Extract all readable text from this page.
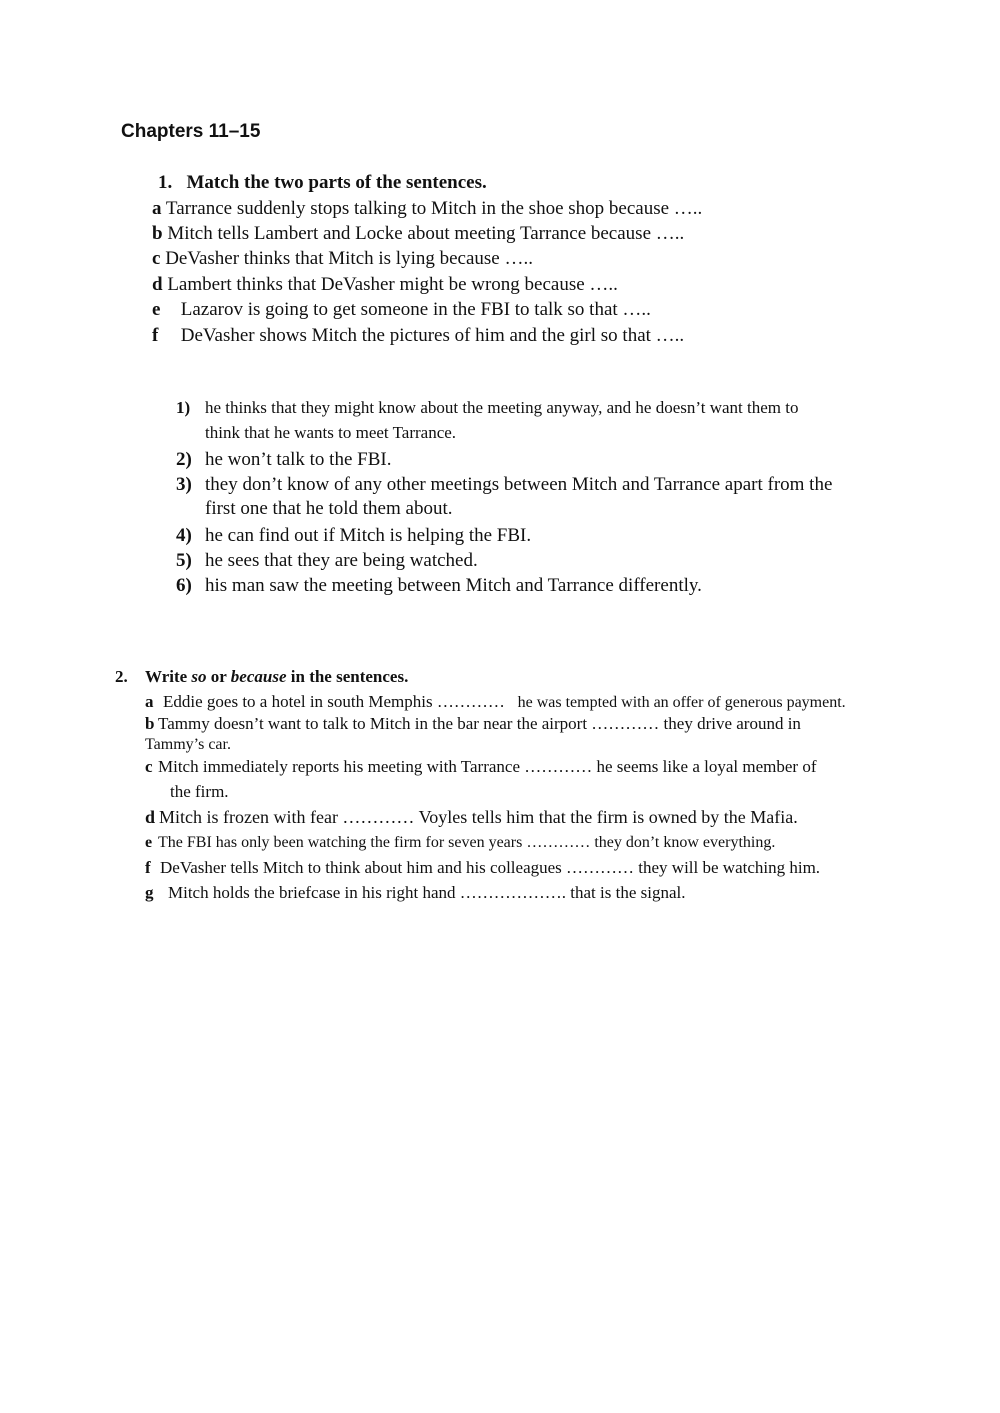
Chapters 11–15
1. Match the two parts of the sentences.
a Tarrance suddenly stops talking to Mitch in the shoe shop because …..
b Mitch tells Lambert and Locke about meeting Tarrance because …..
c DeVasher thinks that Mitch is lying because …..
d Lambert thinks that DeVasher might be wrong because …..
e Lazarov is going to get someone in the FBI to talk so that …..
f DeVasher shows Mitch the pictures of him and the girl so that …..
1) he thinks that they might know about the meeting anyway, and he doesn’t want them to
think that he wants to meet Tarrance.
2) he won’t talk to the FBI.
3) they don’t know of any other meetings between Mitch and Tarrance apart from the
first one that he told them about.
4) he can find out if Mitch is helping the FBI.
5) he sees that they are being watched.
6) his man saw the meeting between Mitch and Tarrance differently.
2. Write so or because in the sentences.
a Eddie goes to a hotel in south Memphis ………… he was tempted with an offer of generous payment.
b Tammy doesn’t want to talk to Mitch in the bar near the airport ………… they drive around in
Tammy’s car.
c Mitch immediately reports his meeting with Tarrance ………… he seems like a loyal member of
the firm.
d Mitch is frozen with fear ………… Voyles tells him that the firm is owned by the Mafia.
e The FBI has only been watching the firm for seven years ………… they don’t know everything.
f DeVasher tells Mitch to think about him and his colleagues ………… they will be watching him.
g Mitch holds the briefcase in his right hand ………………. that is the signal.
